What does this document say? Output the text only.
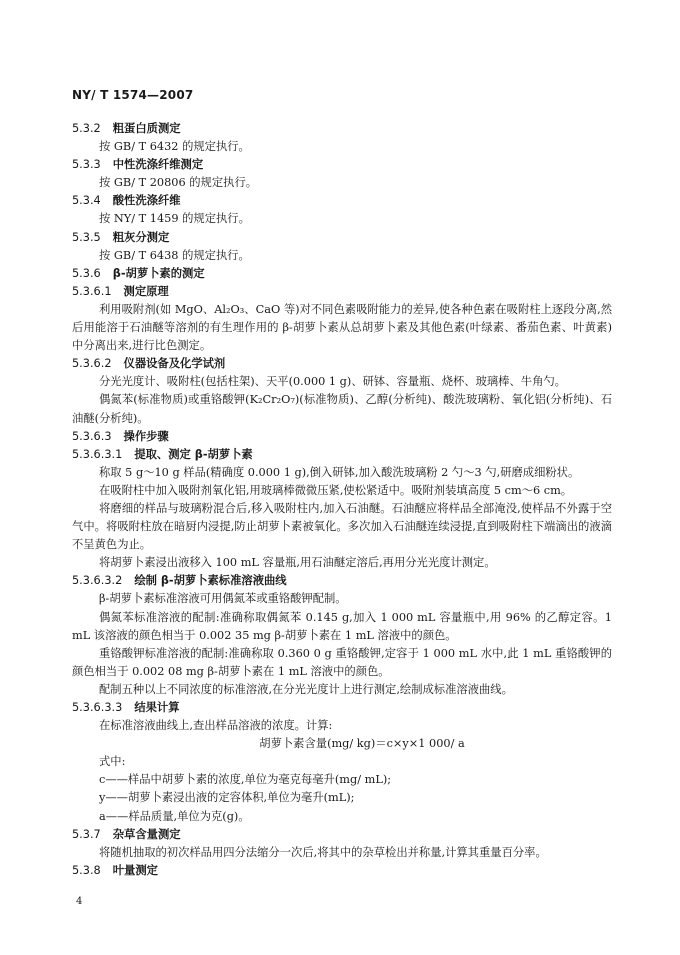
NY/ T 1574—2007
5.3.2 粗蛋白质测定
按 GB/ T 6432 的规定执行。
5.3.3 中性洗涤纤维测定
按 GB/ T 20806 的规定执行。
5.3.4 酸性洗涤纤维
按 NY/ T 1459 的规定执行。
5.3.5 粗灰分测定
按 GB/ T 6438 的规定执行。
5.3.6 β-胡萝卜素的测定
5.3.6.1 测定原理
利用吸附剂(如 MgO、Al₂O₃、CaO 等)对不同色素吸附能力的差异,使各种色素在吸附柱上逐段分离,然后用能溶于石油醚等溶剂的有生理作用的 β-胡萝卜素从总胡萝卜素及其他色素(叶绿素、番茄色素、叶黄素)中分离出来,进行比色测定。
5.3.6.2 仪器设备及化学试剂
分光光度计、吸附柱(包括柱架)、天平(0.000 1 g)、研钵、容量瓶、烧杯、玻璃棒、牛角勺。
偶氮苯(标准物质)或重铬酸钾(K₂Cr₂O₇)(标准物质)、乙醇(分析纯)、酸洗玻璃粉、氧化铝(分析纯)、石油醚(分析纯)。
5.3.6.3 操作步骤
5.3.6.3.1 提取、测定 β-胡萝卜素
称取 5 g～10 g 样品(精确度 0.000 1 g),倒入研钵,加入酸洗玻璃粉 2 勺～3 勺,研磨成细粉状。
在吸附柱中加入吸附剂氧化铝,用玻璃棒微微压紧,使松紧适中。吸附剂装填高度 5 cm～6 cm。
将磨细的样品与玻璃粉混合后,移入吸附柱内,加入石油醚。石油醚应将样品全部淹没,使样品不外露于空气中。将吸附柱放在暗厨内浸提,防止胡萝卜素被氧化。多次加入石油醚连续浸提,直到吸附柱下端滴出的液滴不呈黄色为止。
将胡萝卜素浸出液移入 100 mL 容量瓶,用石油醚定溶后,再用分光光度计测定。
5.3.6.3.2 绘制 β-胡萝卜素标准溶液曲线
β-胡萝卜素标准溶液可用偶氮苯或重铬酸钾配制。
偶氮苯标准溶液的配制:准确称取偶氮苯 0.145 g,加入 1 000 mL 容量瓶中,用 96% 的乙醇定容。1 mL 该溶液的颜色相当于 0.002 35 mg β-胡萝卜素在 1 mL 溶液中的颜色。
重铬酸钾标准溶液的配制:准确称取 0.360 0 g 重铬酸钾,定容于 1 000 mL 水中,此 1 mL 重铬酸钾的颜色相当于 0.002 08 mg β-胡萝卜素在 1 mL 溶液中的颜色。
配制五种以上不同浓度的标准溶液,在分光光度计上进行测定,绘制成标准溶液曲线。
5.3.6.3.3 结果计算
在标准溶液曲线上,查出样品溶液的浓度。计算:
胡萝卜素含量(mg/ kg)＝c×y×1 000/ a
式中:
c——样品中胡萝卜素的浓度,单位为毫克每毫升(mg/ mL);
y——胡萝卜素浸出液的定容体积,单位为毫升(mL);
a——样品质量,单位为克(g)。
5.3.7 杂草含量测定
将随机抽取的初次样品用四分法缩分一次后,将其中的杂草检出并称量,计算其重量百分率。
5.3.8 叶量测定
4
